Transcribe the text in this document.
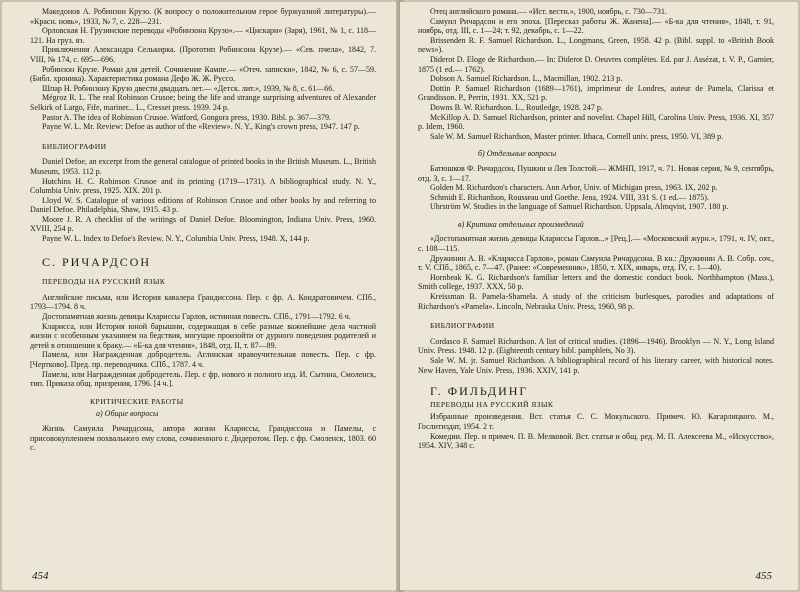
Македонов А. Робинзон Крузо. (К вопросу о положительном герое буржуазной литературы).— «Красн. новь», 1933, № 7, с. 228—231.
Орловская Н. Грузинские переводы «Робинзона Крузо».— «Цискари» (Заря), 1961, № 1, с. 118—121. На груз. яз.
Приключения Александра Селькирка. (Прототип Робинсона Крузе).— «Сев. пчела», 1842, 7. VIII, № 174, с. 695—696.
Робинзон Крузе. Роман для детей. Сочинение Кампе.— «Отеч. записки», 1842, № 6, с. 57—59. (Библ. хроника). Характеристика романа Дефо Ж. Ж. Руссо.
Шпар Н. Робинзону Крузо двести двадцать лет.— «Детск. лит.», 1939, № 8, с. 61—66.
Mégroz R. L. The real Robinson Crusoe; being the life and strange surprising adventures of Alexander Selkirk of Largo, Fife, mariner... L., Cresset press. 1939. 24 р.
Pastor A. The idea of Robinson Crusoe. Watford, Gongora press, 1930. Bibl. р. 367—379.
Payne W. L. Mr. Review: Defoe as author of the «Review». N. Y., King's crown press, 1947. 147 р.
БИБЛИОГРАФИИ
Daniel Defoe, an excerpt from the general catalogue of printed books in the British Museum. L., British Museum, 1953. 112 р.
Hutchins H. C. Robinson Crusoe and its printing (1719—1731). A bibliographical study. N. Y., Columbia Univ. press, 1925. XIX. 201 р.
Lloyd W. S. Catalogue of various editions of Robinson Crusoe and other books by and referring to Daniel Defoe. Philadelphia, Shaw, 1915. 43 р.
Moore J. R. A checklist of the writings of Daniel Defoe. Bloomington, Indiana Univ. Press, 1960. XVIII, 254 р.
Payne W. L. Index to Defoe's Review. N. Y., Columbia Univ. Press, 1948. X, 144 р.
С. РИЧАРДСОН
ПЕРЕВОДЫ НА РУССКИЙ ЯЗЫК
Английские письма, или История кавалера Грандиссона. Пер. с фр. А. Кондратовичем. СПб., 1793—1794. 8 ч.
Достопамятная жизнь девицы Клариссы Гарлов, истинная повесть. СПб., 1791—1792. 6 ч.
Кларисса, или История юной барышни, содержащая в себе разные важнейшие дела частной жизни с особенным указанием на бедствия, могущие произойти от дурного поведения родителей и детей в отношении к браку.— «Б-ка для чтения», 1848, отд. II, т. 87—89.
Памела, или Награжденная добродетель. Аглинская нравоучительная повесть. Пер. с фр. [Чертково]. Пред. пр. переводчика. СПб., 1787. 4 ч.
Памела, или Награжденная добродетель. Пер. с фр. нового и полного изд. И. Сытина, Смоленск, тип. Приказа общ. призрения, 1796. [4 ч.].
КРИТИЧЕСКИЕ РАБОТЫ
а) Общие вопросы
Жизнь Самуила Ричардсона, автора жизни Клариссы, Грандиссона и Памелы, с присовокуплением похвального ему слова, сочиненного г. Дидеротом. Пер. с фр. Смоленск, 1803. 60 с.
454
Отец английского романа.— «Ист. вестн.», 1900, ноябрь, с. 730—731.
Самуил Ричардсон и его эпоха. [Пересказ работы Ж. Жанена].— «Б-ка для чтения», 1848, т. 91, ноябрь, отд. III, с. 1—24; т. 92, декабрь, с. 1—22.
Brissenden R. F. Samuel Richardson. L., Longmans, Green, 1958. 42 р. (Bibl. suppl. to «British Book news»).
Diderot D. Eloge de Richardson.— In: Diderot D. Oeuvres complètes. Ed. par J. Assézat, t. V. P., Garnier, 1875 (1 ed.— 1762).
Dobson A. Samuel Richardson. L., Macmillan, 1902. 213 р.
Dottin P. Samuel Richardson (1689—1761), imprimeur de Londres, auteur de Pamela, Clarissa et Grandisson. P., Perrin, 1931. XX, 521 р.
Downs B. W. Richardson. L., Routledge, 1928. 247 р.
McKillop A. D. Samuel Richardson, printer and novelist. Chapel Hill, Carolina Univ. Press, 1936. XI, 357 р. Idem, 1960.
Sale W. M. Samuel Richardson, Master printer. Ithaca, Cornell univ. press, 1950. VI, 389 р.
б) Отдельные вопросы
Батюшков Ф. Ричардсон, Пушкин и Лев Толстой.— ЖМНП, 1917, ч. 71. Новая серия, № 9, сентябрь, отд. 3, с. 1—17.
Golden M. Richardson's characters. Ann Arbor, Univ. of Michigan press, 1963. IX, 202 р.
Schmidt E. Richardson, Rousseau und Goethe. Jena, 1924. VIII, 331 S. (1 ed.— 1875).
Uhrström W. Studies in the language of Samuel Richardson. Uppsala, Almqvist, 1907. 180 р.
в) Критика отдельных произведений
«Достопамятная жизнь девицы Клариссы Гарлов...» [Рец.].— «Московский журн.», 1791, ч. IV, окт., с. 108—115.
Дружинин А. В. «Кларисса Гарлов», роман Самуила Ричардсона. В кн.: Дружинин А. В. Собр. соч., т. V. СПб., 1865, с. 7—47. (Ранее: «Современник», 1850, т. XIX, январь, отд. IV, с. 1—40).
Hornbeak K. G. Richardson's familiar letters and the domestic conduct book. Northhampton (Mass.), Smith college, 1937. XXX, 50 р.
Kreissman B. Pamela-Shamela. A study of the criticism burlesques, parodies and adaptations of Richardson's «Pamela». Lincoln, Nebraska Univ. Press, 1960, 98 р.
БИБЛИОГРАФИИ
Cordasco F. Samuel Richardson. A list of critical studies. (1896—1946). Brooklyn — N. Y., Long Island Univ. Press. 1948. 12 р. (Eighteenth century bibl. pamphlets, No 3).
Sale W. M. jr. Samuel Richardson. A bibliographical record of his literary career, with historical notes. New Haven, Yale Univ. Press, 1936. XXIV, 141 р.
Г. ФИЛЬДИНГ
ПЕРЕВОДЫ НА РУССКИЙ ЯЗЫК
Избранные произведения. Вст. статья С. С. Мокульского. Примеч. Ю. Кагарлицкого. М., Гослитиздат, 1954. 2 т.
Комедии. Пер. и примеч. П. В. Мелковой. Вст. статья и общ. ред. М. П. Алексеева М., «Искусство», 1954. XIV, 348 с.
455
